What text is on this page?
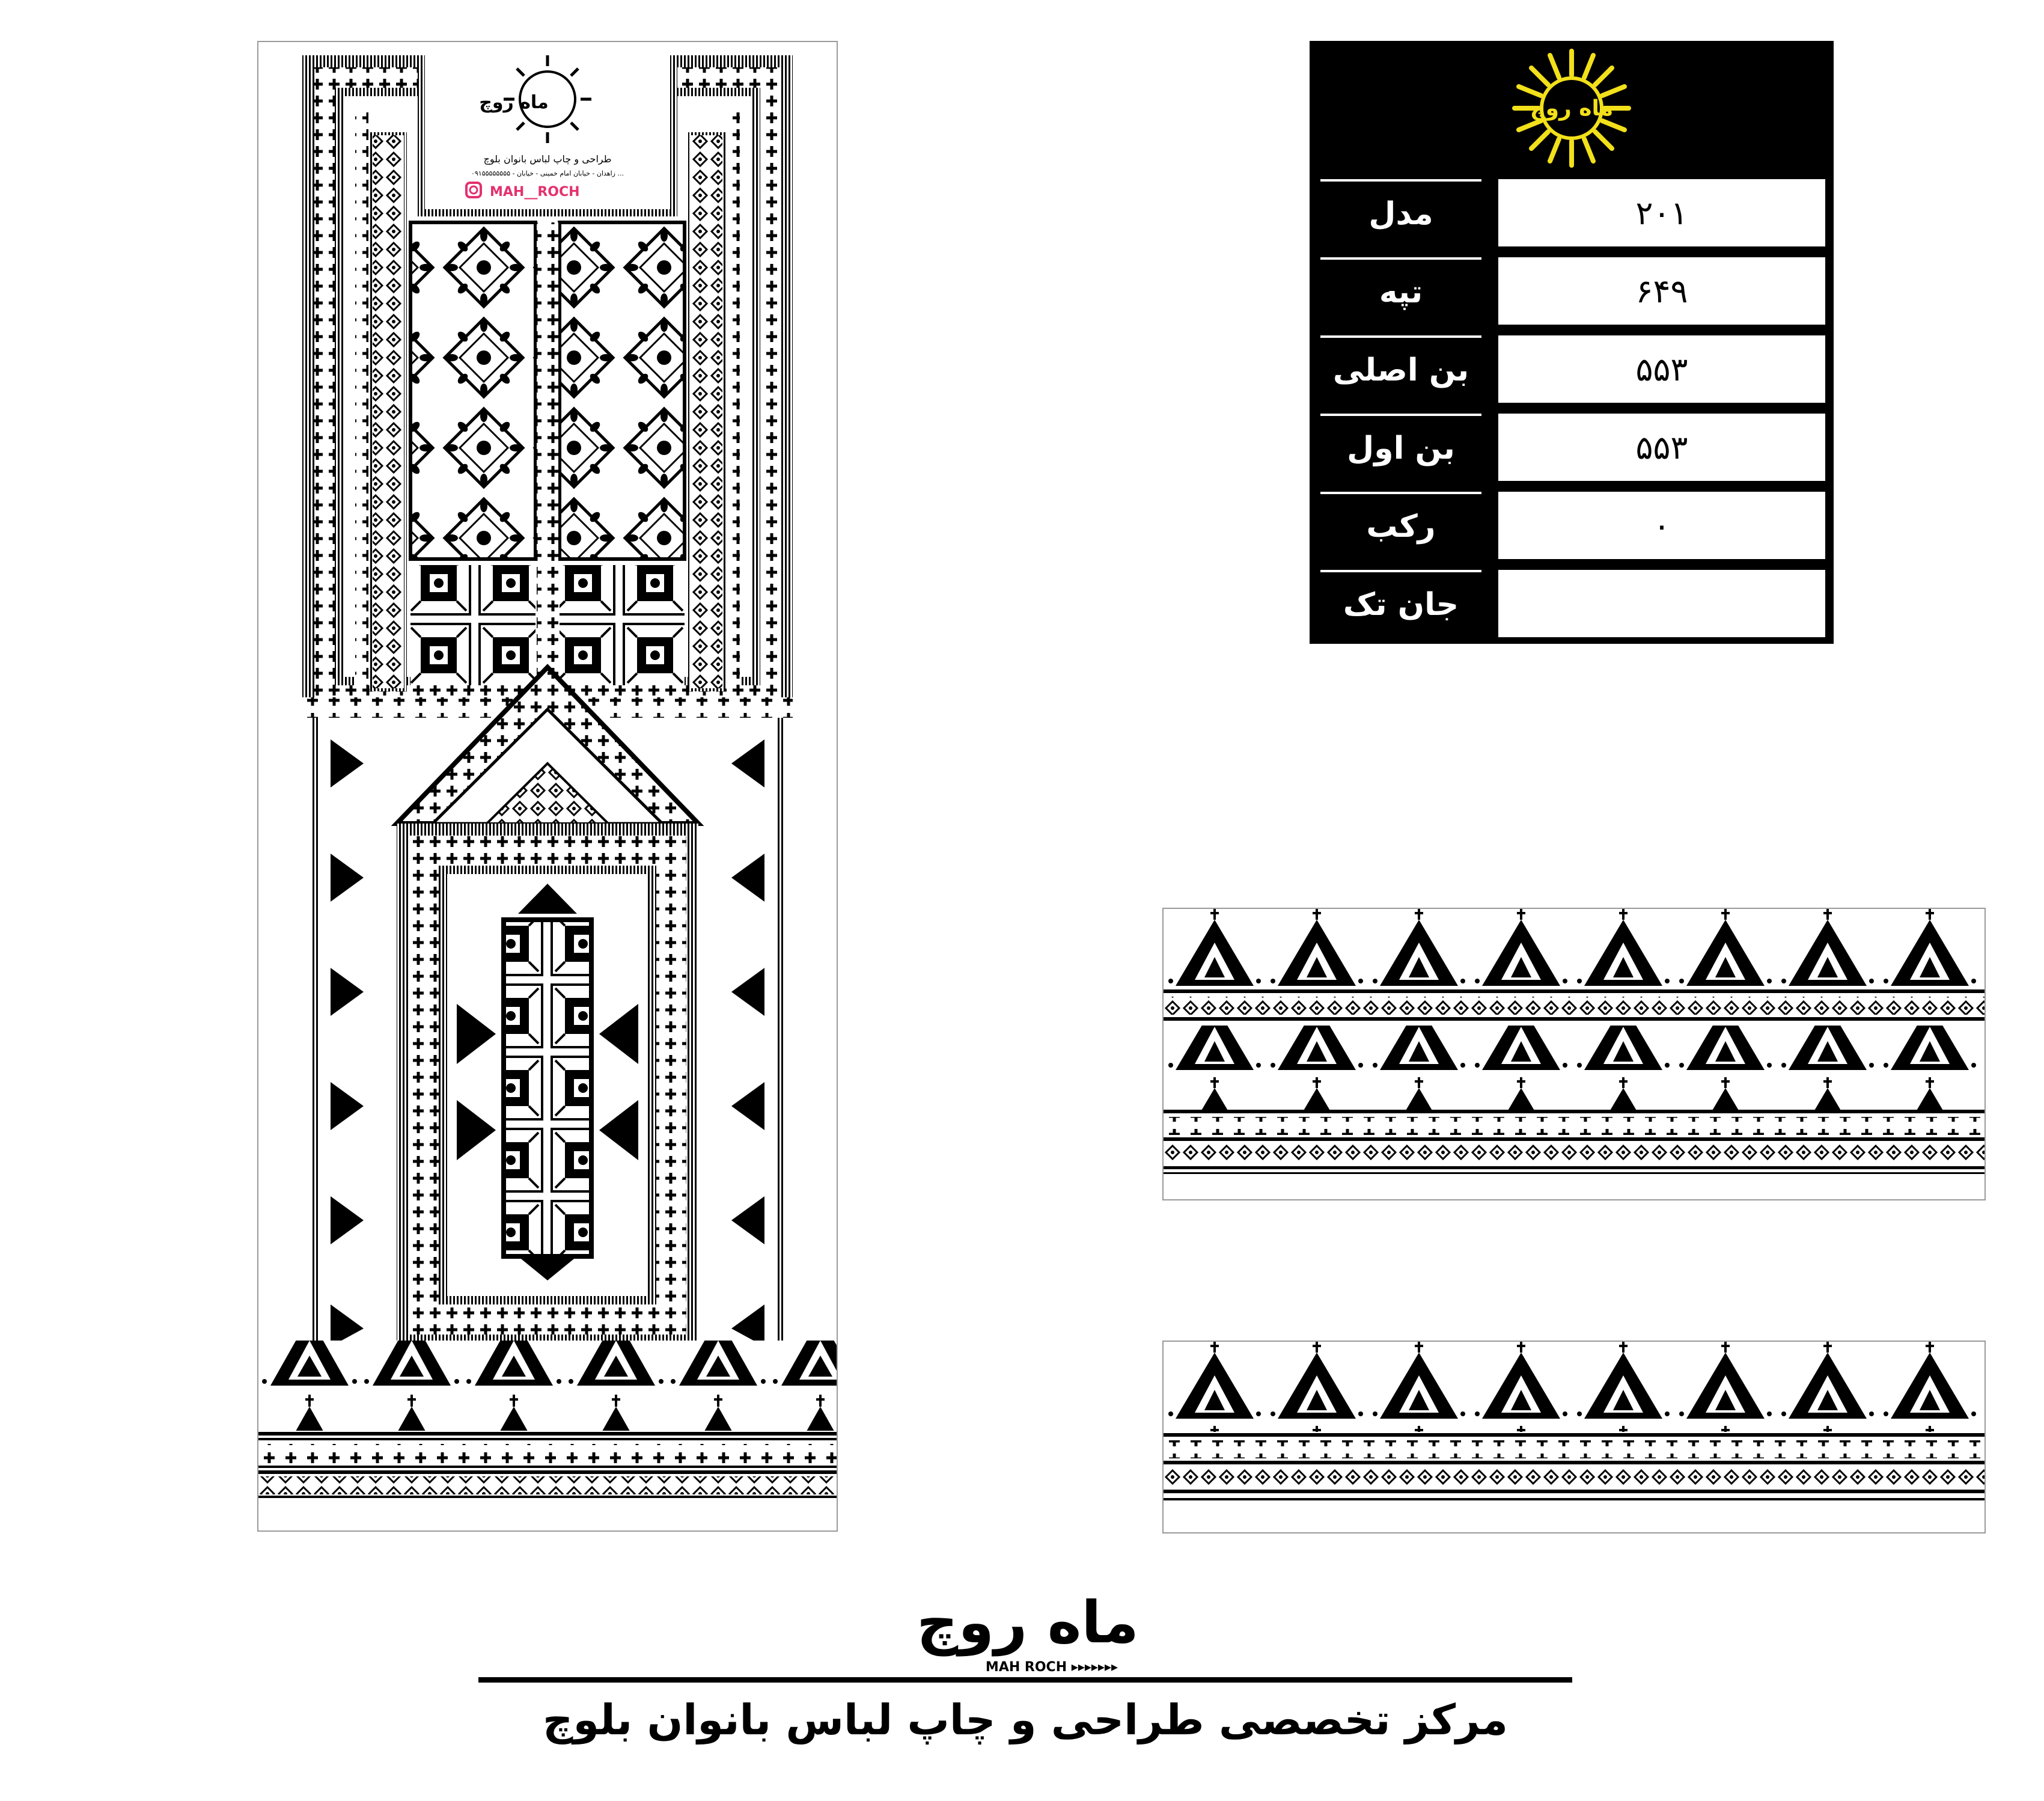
ماه روچ
طراحی و چاپ لباس بانوان بلوچ
۰۹۱۵۵۵۵۵۵۵۵ - زاهدان - خیابان امام خمینی - خیابان ...
MAH__ROCH
ماه روچ
۲۰۱
مدل
۶۴۹
تپه
۵۵۳
بن اصلی
۵۵۳
بن اول
۰
رکب
جان تک
ماه روچ
MAH ROCH ▸▸▸▸▸▸▸
مرکز تخصصی طراحی و چاپ لباس بانوان بلوچ
